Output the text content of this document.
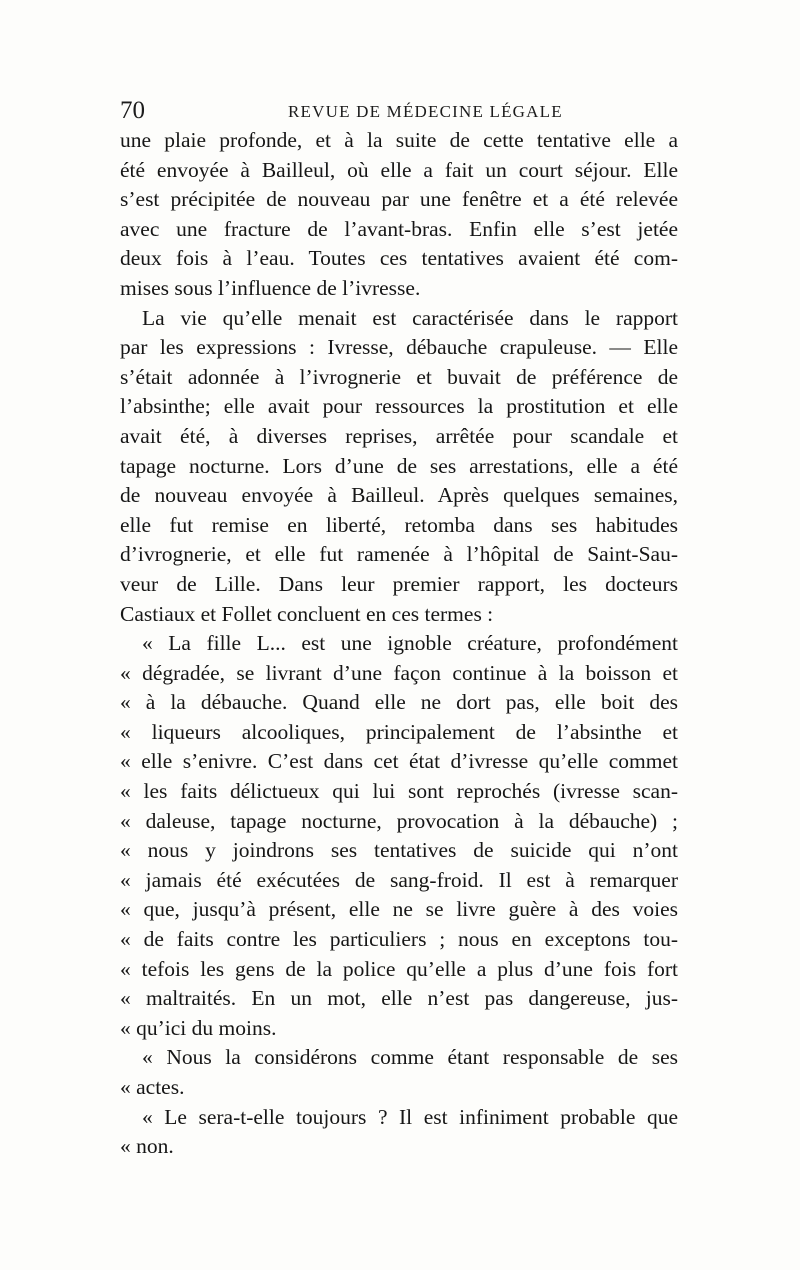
70	REVUE DE MÉDECINE LÉGALE
une plaie profonde, et à la suite de cette tentative elle a
été envoyée à Bailleul, où elle a fait un court séjour. Elle
s’est précipitée de nouveau par une fenêtre et a été relevée
avec une fracture de l’avant-bras. Enfin elle s’est jetée
deux fois à l’eau. Toutes ces tentatives avaient été com-
mises sous l’influence de l’ivresse.
La vie qu’elle menait est caractérisée dans le rapport
par les expressions : Ivresse, débauche crapuleuse. — Elle
s’était adonnée à l’ivrognerie et buvait de préférence de
l’absinthe; elle avait pour ressources la prostitution et elle
avait été, à diverses reprises, arrêtée pour scandale et
tapage nocturne. Lors d’une de ses arrestations, elle a été
de nouveau envoyée à Bailleul. Après quelques semaines,
elle fut remise en liberté, retomba dans ses habitudes
d’ivrognerie, et elle fut ramenée à l’hôpital de Saint-Sau-
veur de Lille. Dans leur premier rapport, les docteurs
Castiaux et Follet concluent en ces termes :
« La fille L... est une ignoble créature, profondément
« dégradée, se livrant d’une façon continue à la boisson et
« à la débauche. Quand elle ne dort pas, elle boit des
« liqueurs alcooliques, principalement de l’absinthe et
« elle s’enivre. C’est dans cet état d’ivresse qu’elle commet
« les faits délictueux qui lui sont reprochés (ivresse scan-
« daleuse, tapage nocturne, provocation à la débauche) ;
« nous y joindrons ses tentatives de suicide qui n’ont
« jamais été exécutées de sang-froid. Il est à remarquer
« que, jusqu’à présent, elle ne se livre guère à des voies
« de faits contre les particuliers ; nous en exceptons tou-
« tefois les gens de la police qu’elle a plus d’une fois fort
« maltraités. En un mot, elle n’est pas dangereuse, jus-
« qu’ici du moins.
« Nous la considérons comme étant responsable de ses
« actes.
« Le sera-t-elle toujours ? Il est infiniment probable que
« non.
